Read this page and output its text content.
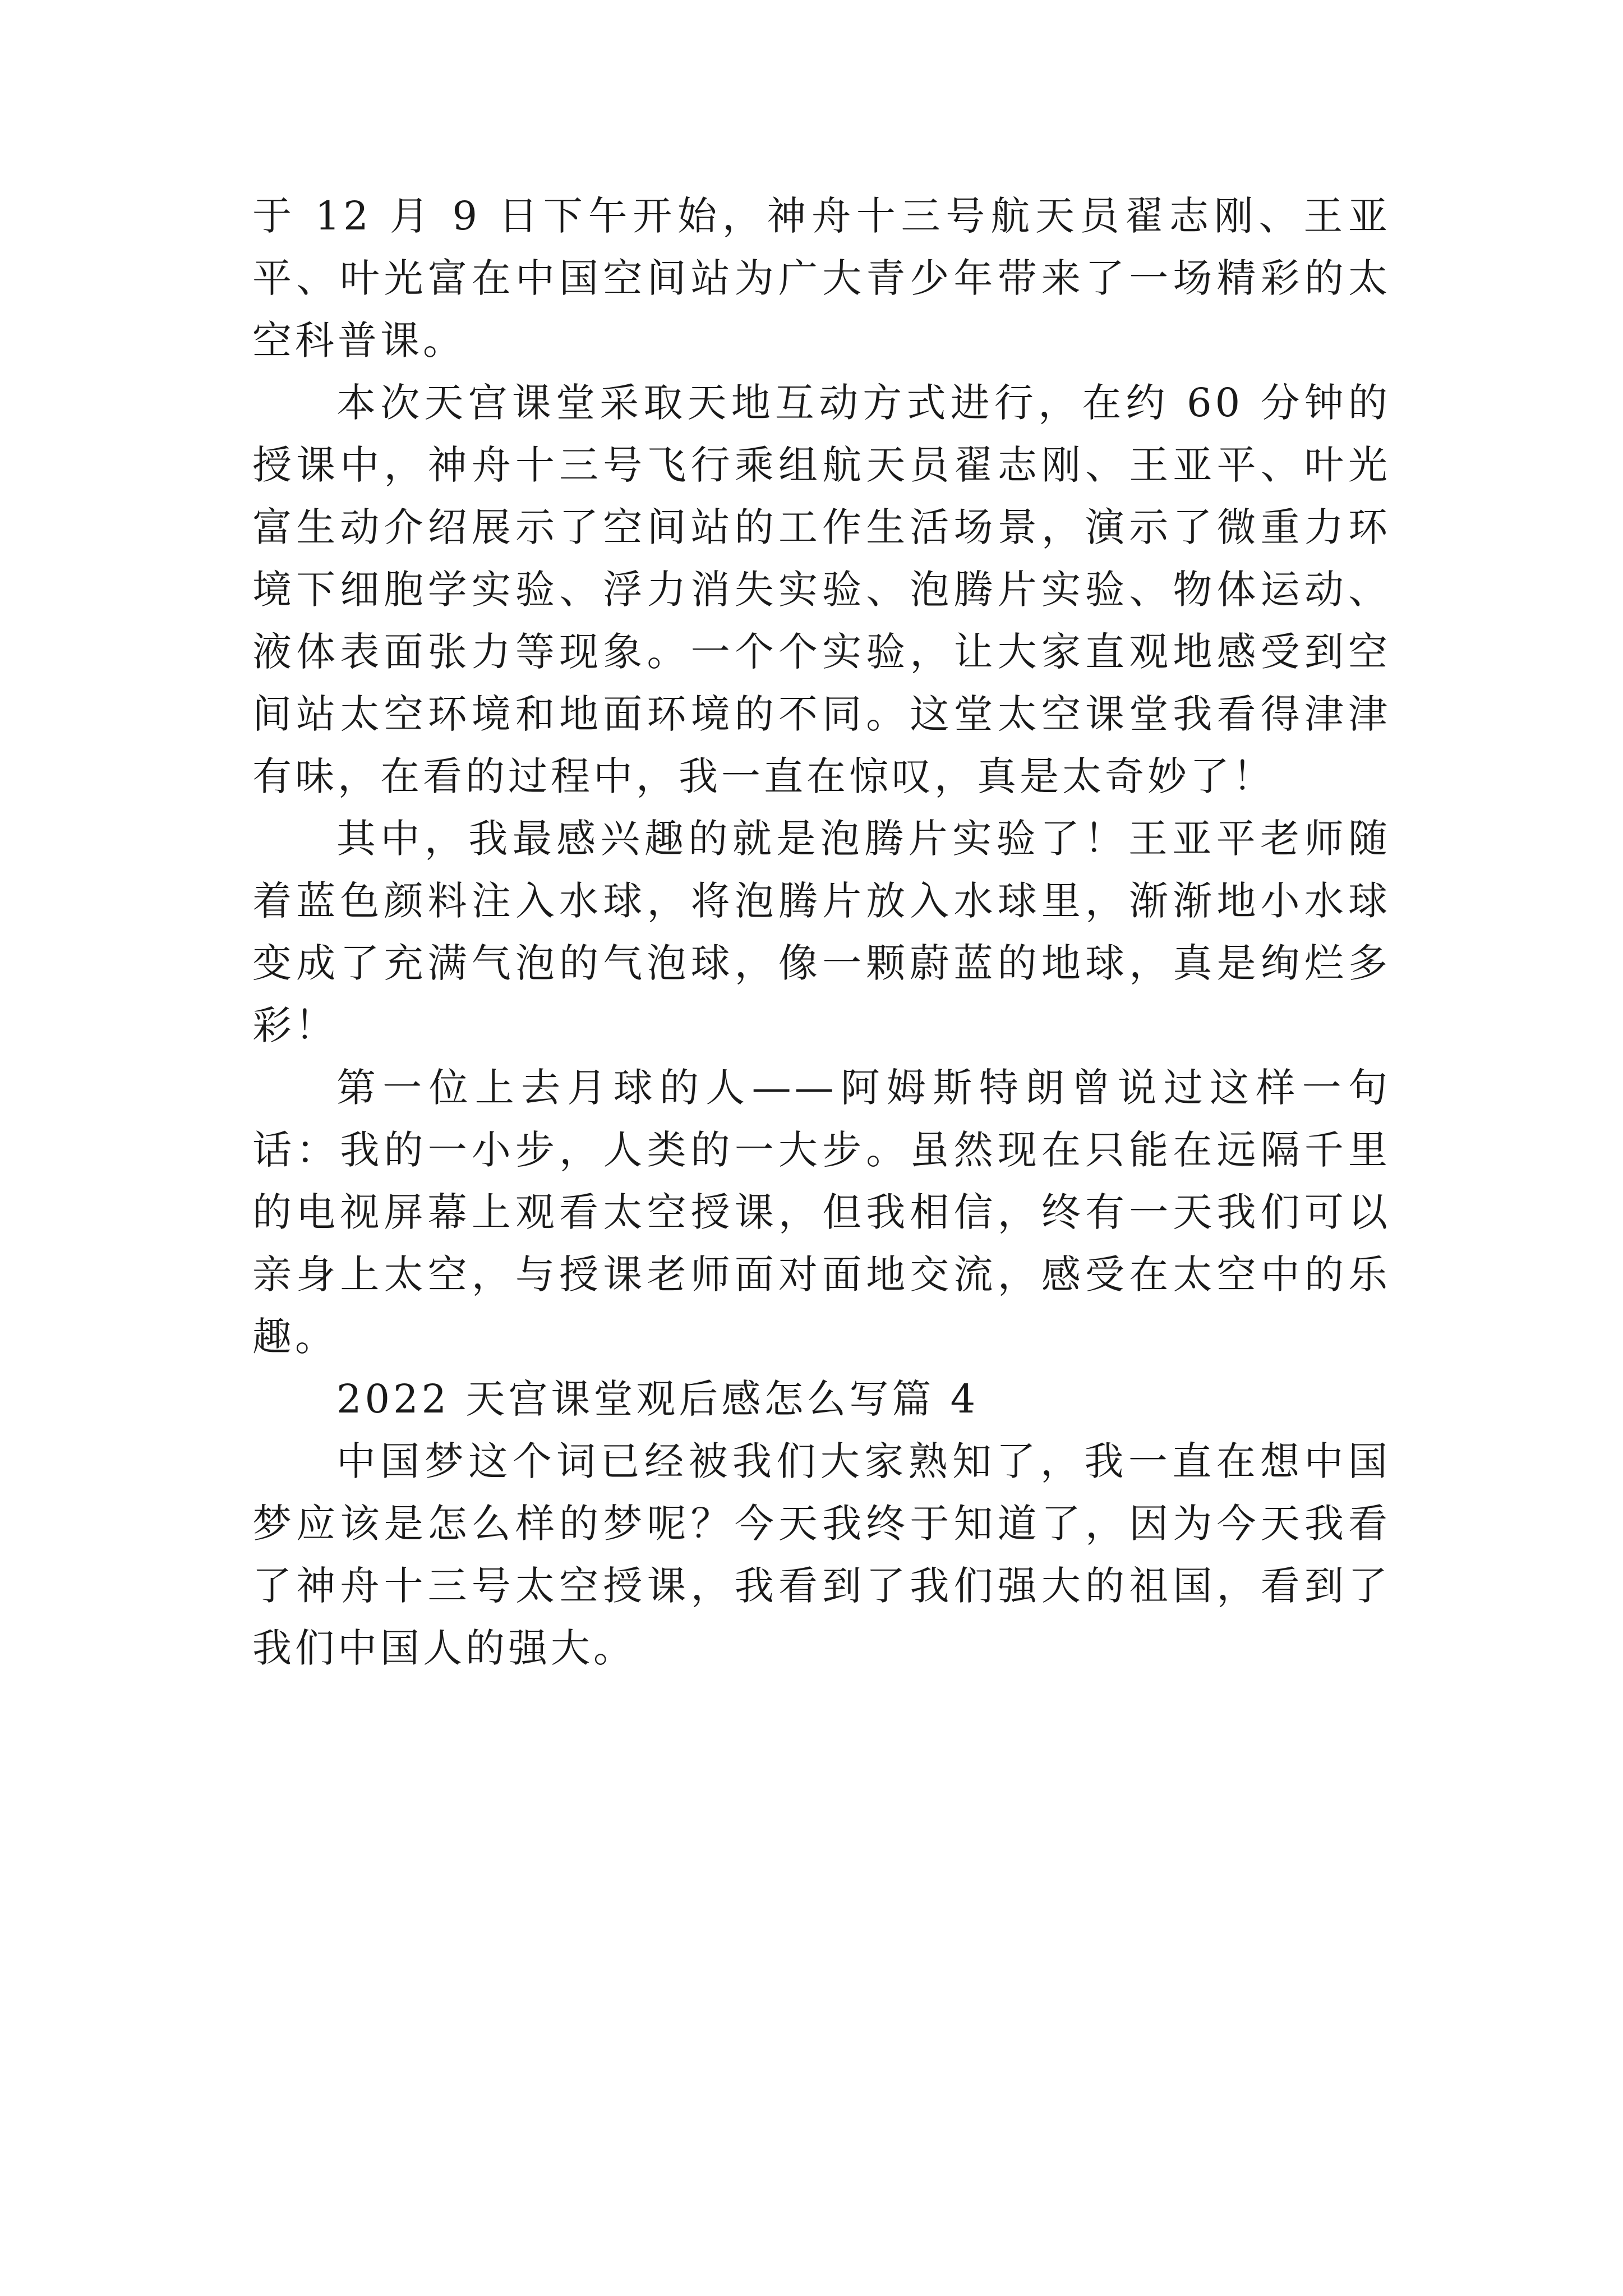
于 12 月 9 日下午开始，神舟十三号航天员翟志刚、王亚平、叶光富在中国空间站为广大青少年带来了一场精彩的太空科普课。

本次天宫课堂采取天地互动方式进行，在约 60 分钟的授课中，神舟十三号飞行乘组航天员翟志刚、王亚平、叶光富生动介绍展示了空间站的工作生活场景，演示了微重力环境下细胞学实验、浮力消失实验、泡腾片实验、物体运动、液体表面张力等现象。一个个实验，让大家直观地感受到空间站太空环境和地面环境的不同。这堂太空课堂我看得津津有味，在看的过程中，我一直在惊叹，真是太奇妙了！

其中，我最感兴趣的就是泡腾片实验了！王亚平老师随着蓝色颜料注入水球，将泡腾片放入水球里，渐渐地小水球变成了充满气泡的气泡球，像一颗蔚蓝的地球，真是绚烂多彩！

第一位上去月球的人——阿姆斯特朗曾说过这样一句话：我的一小步，人类的一大步。虽然现在只能在远隔千里的电视屏幕上观看太空授课，但我相信，终有一天我们可以亲身上太空，与授课老师面对面地交流，感受在太空中的乐趣。

2022 天宫课堂观后感怎么写篇 4

中国梦这个词已经被我们大家熟知了，我一直在想中国梦应该是怎么样的梦呢？今天我终于知道了，因为今天我看了神舟十三号太空授课，我看到了我们强大的祖国，看到了我们中国人的强大。
